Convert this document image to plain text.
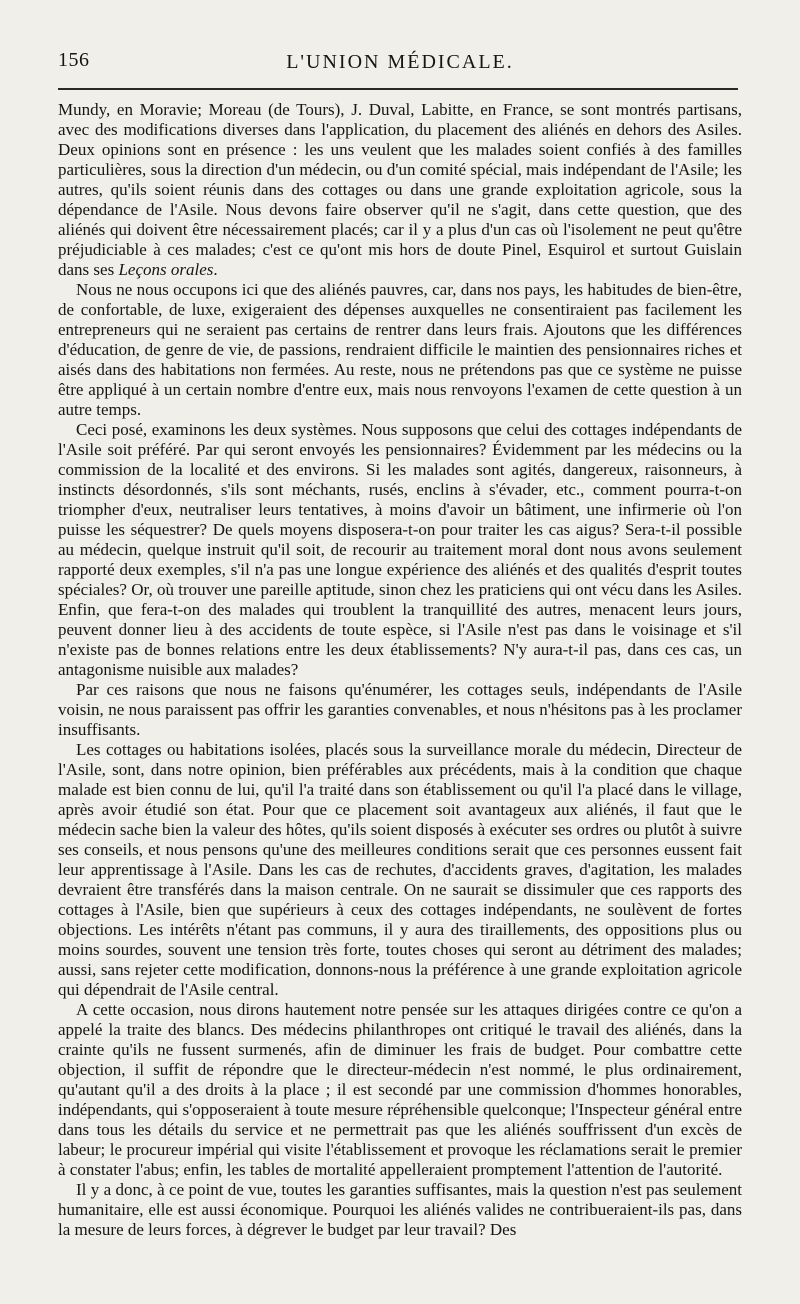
156	L'UNION MÉDICALE.

Mundy, en Moravie; Moreau (de Tours), J. Duval, Labitte, en France, se sont montrés partisans, avec des modifications diverses dans l'application, du placement des aliénés en dehors des Asiles. Deux opinions sont en présence : les uns veulent que les malades soient confiés à des familles particulières, sous la direction d'un médecin, ou d'un comité spécial, mais indépendant de l'Asile; les autres, qu'ils soient réunis dans des cottages ou dans une grande exploitation agricole, sous la dépendance de l'Asile. Nous devons faire observer qu'il ne s'agit, dans cette question, que des aliénés qui doivent être nécessairement placés; car il y a plus d'un cas où l'isolement ne peut qu'être préjudiciable à ces malades; c'est ce qu'ont mis hors de doute Pinel, Esquirol et surtout Guislain dans ses Leçons orales.

Nous ne nous occupons ici que des aliénés pauvres, car, dans nos pays, les habitudes de bien-être, de confortable, de luxe, exigeraient des dépenses auxquelles ne consentiraient pas facilement les entrepreneurs qui ne seraient pas certains de rentrer dans leurs frais. Ajoutons que les différences d'éducation, de genre de vie, de passions, rendraient difficile le maintien des pensionnaires riches et aisés dans des habitations non fermées. Au reste, nous ne prétendons pas que ce système ne puisse être appliqué à un certain nombre d'entre eux, mais nous renvoyons l'examen de cette question à un autre temps.

Ceci posé, examinons les deux systèmes. Nous supposons que celui des cottages indépendants de l'Asile soit préféré. Par qui seront envoyés les pensionnaires? Évidemment par les médecins ou la commission de la localité et des environs. Si les malades sont agités, dangereux, raisonneurs, à instincts désordonnés, s'ils sont méchants, rusés, enclins à s'évader, etc., comment pourra-t-on triompher d'eux, neutraliser leurs tentatives, à moins d'avoir un bâtiment, une infirmerie où l'on puisse les séquestrer? De quels moyens disposera-t-on pour traiter les cas aigus? Sera-t-il possible au médecin, quelque instruit qu'il soit, de recourir au traitement moral dont nous avons seulement rapporté deux exemples, s'il n'a pas une longue expérience des aliénés et des qualités d'esprit toutes spéciales? Or, où trouver une pareille aptitude, sinon chez les praticiens qui ont vécu dans les Asiles. Enfin, que fera-t-on des malades qui troublent la tranquillité des autres, menacent leurs jours, peuvent donner lieu à des accidents de toute espèce, si l'Asile n'est pas dans le voisinage et s'il n'existe pas de bonnes relations entre les deux établissements? N'y aura-t-il pas, dans ces cas, un antagonisme nuisible aux malades?

Par ces raisons que nous ne faisons qu'énumérer, les cottages seuls, indépendants de l'Asile voisin, ne nous paraissent pas offrir les garanties convenables, et nous n'hésitons pas à les proclamer insuffisants.

Les cottages ou habitations isolées, placés sous la surveillance morale du médecin, Directeur de l'Asile, sont, dans notre opinion, bien préférables aux précédents, mais à la condition que chaque malade est bien connu de lui, qu'il l'a traité dans son établissement ou qu'il l'a placé dans le village, après avoir étudié son état. Pour que ce placement soit avantageux aux aliénés, il faut que le médecin sache bien la valeur des hôtes, qu'ils soient disposés à exécuter ses ordres ou plutôt à suivre ses conseils, et nous pensons qu'une des meilleures conditions serait que ces personnes eussent fait leur apprentissage à l'Asile. Dans les cas de rechutes, d'accidents graves, d'agitation, les malades devraient être transférés dans la maison centrale. On ne saurait se dissimuler que ces rapports des cottages à l'Asile, bien que supérieurs à ceux des cottages indépendants, ne soulèvent de fortes objections. Les intérêts n'étant pas communs, il y aura des tiraillements, des oppositions plus ou moins sourdes, souvent une tension très forte, toutes choses qui seront au détriment des malades; aussi, sans rejeter cette modification, donnons-nous la préférence à une grande exploitation agricole qui dépendrait de l'Asile central.

A cette occasion, nous dirons hautement notre pensée sur les attaques dirigées contre ce qu'on a appelé la traite des blancs. Des médecins philanthropes ont critiqué le travail des aliénés, dans la crainte qu'ils ne fussent surmenés, afin de diminuer les frais de budget. Pour combattre cette objection, il suffit de répondre que le directeur-médecin n'est nommé, le plus ordinairement, qu'autant qu'il a des droits à la place ; il est secondé par une commission d'hommes honorables, indépendants, qui s'opposeraient à toute mesure répréhensible quelconque; l'Inspecteur général entre dans tous les détails du service et ne permettrait pas que les aliénés souffrissent d'un excès de labeur; le procureur impérial qui visite l'établissement et provoque les réclamations serait le premier à constater l'abus; enfin, les tables de mortalité appelleraient promptement l'attention de l'autorité.

Il y a donc, à ce point de vue, toutes les garanties suffisantes, mais la question n'est pas seulement humanitaire, elle est aussi économique. Pourquoi les aliénés valides ne contribueraient-ils pas, dans la mesure de leurs forces, à dégrever le budget par leur travail? Des
